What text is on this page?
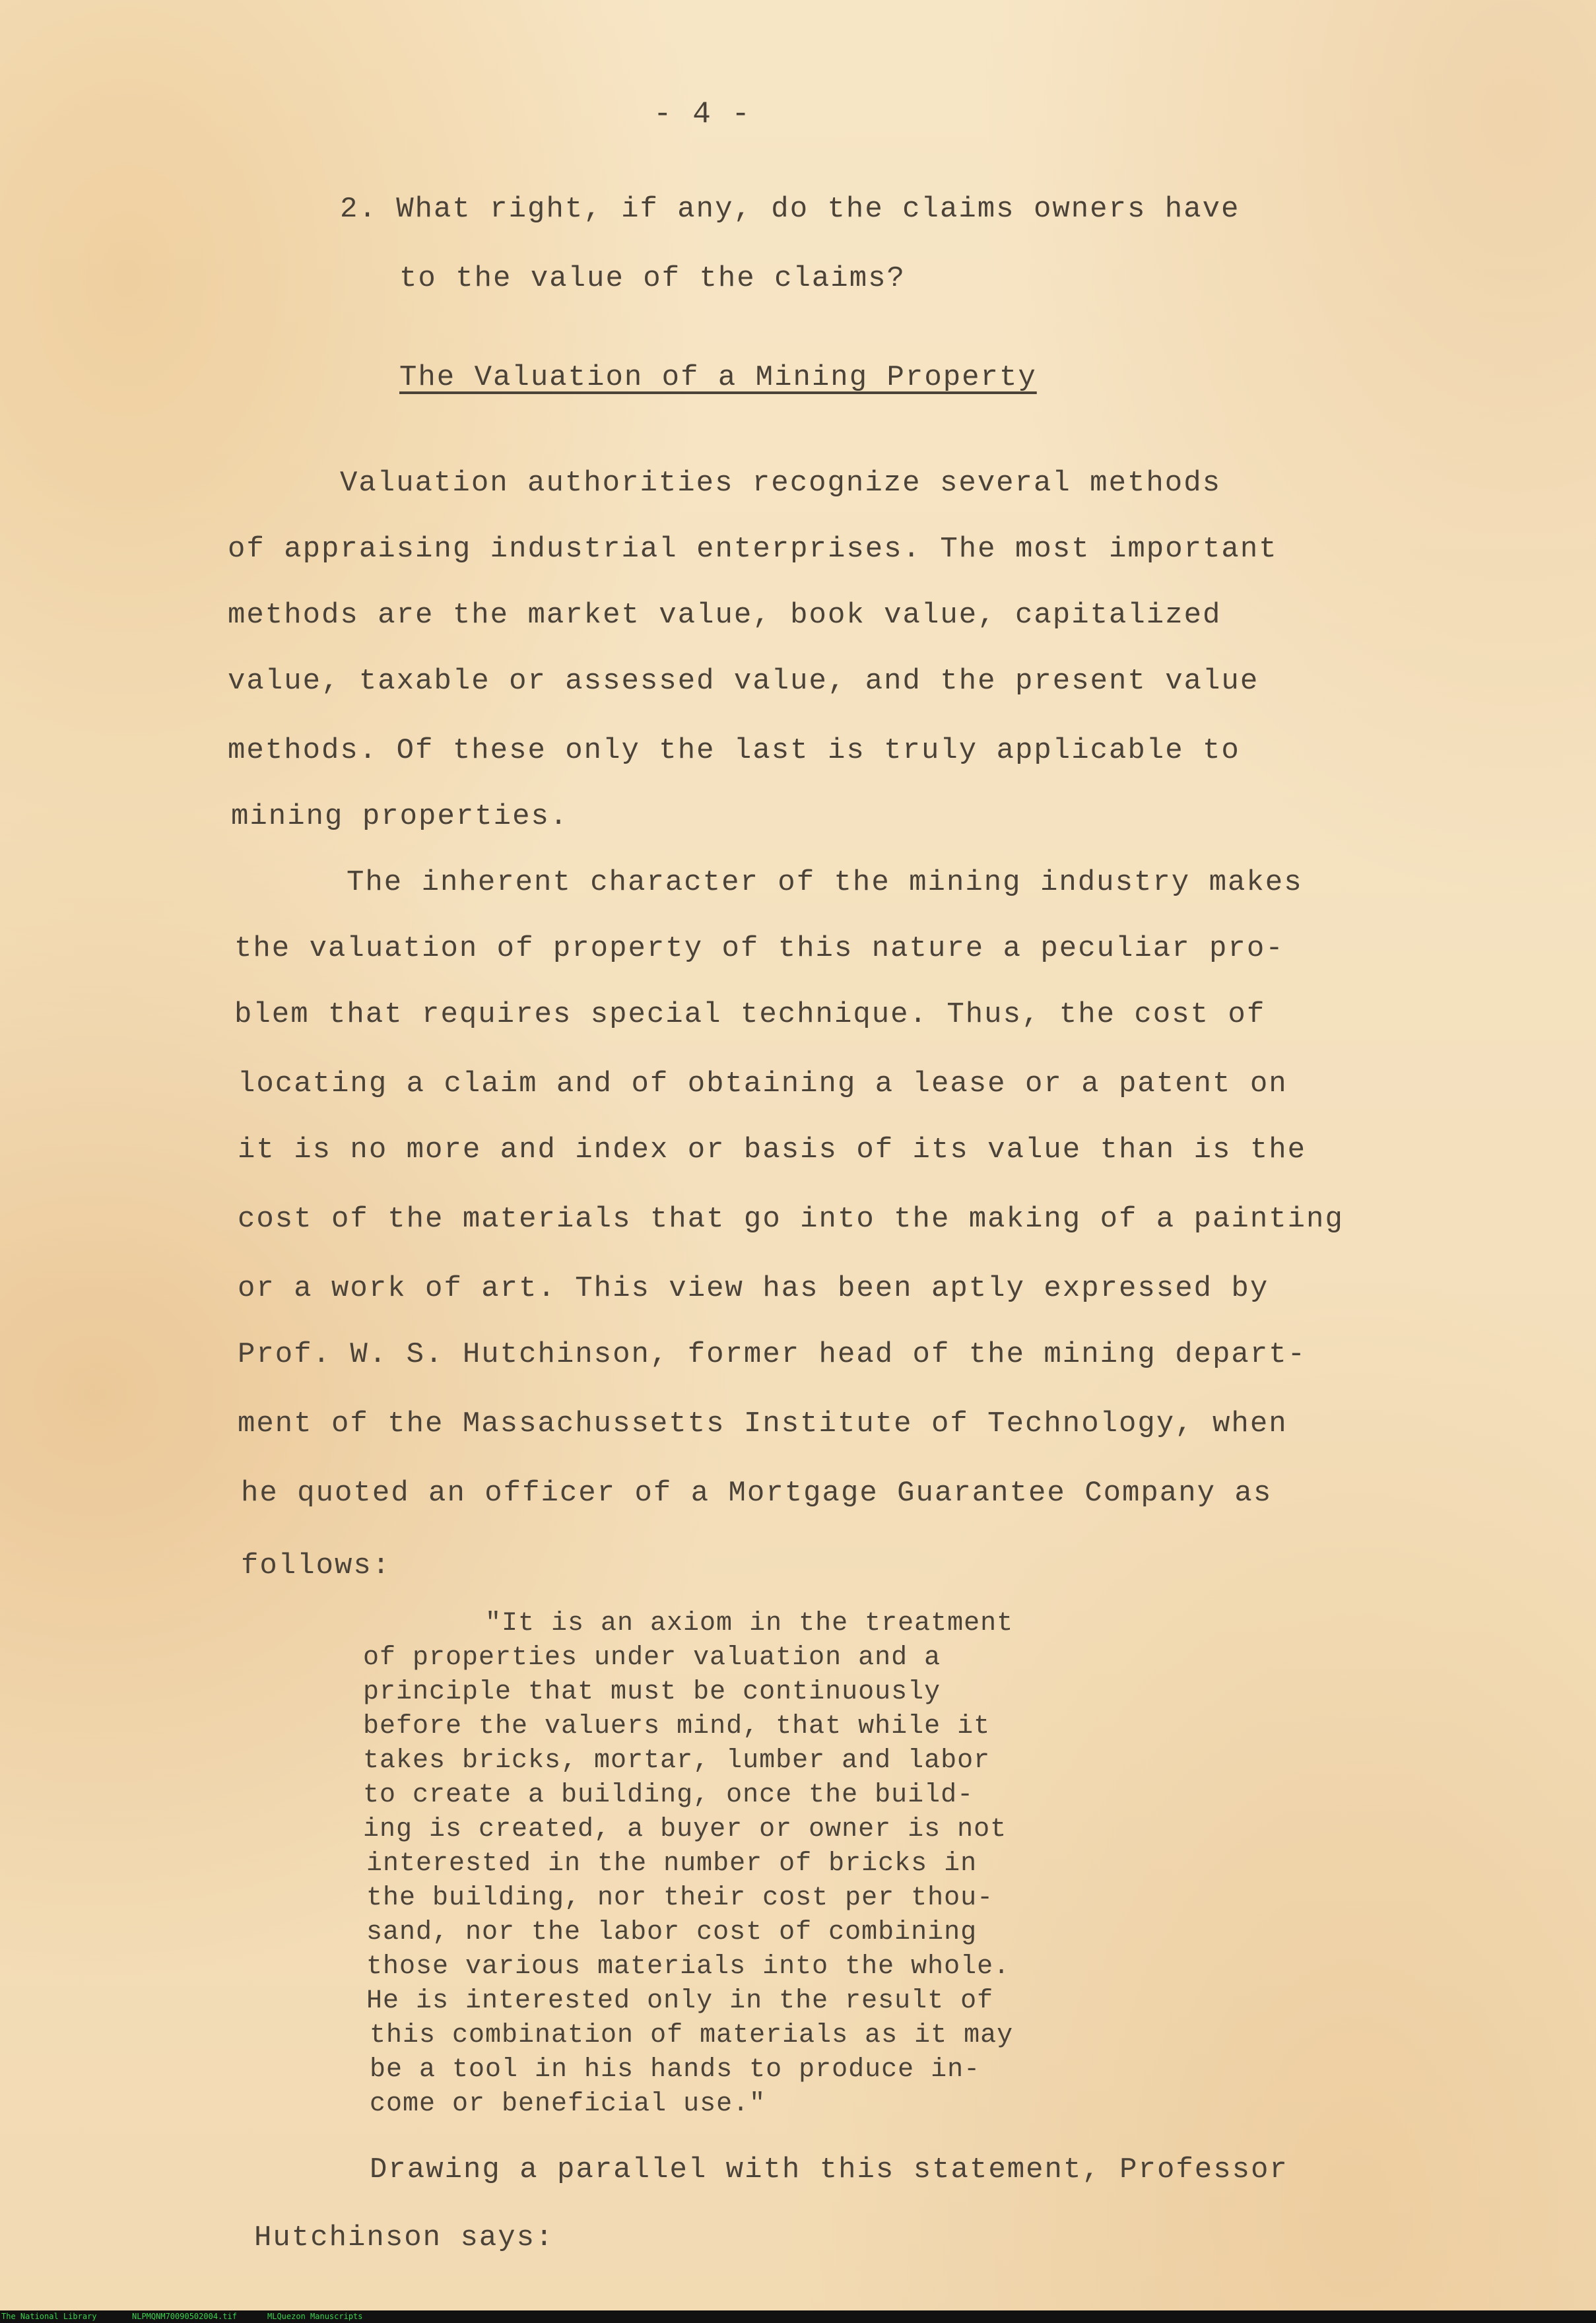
- 4 -
2. What right, if any, do the claims owners have
to the value of the claims?
The Valuation of a Mining Property
Valuation authorities recognize several methods
of appraising industrial enterprises. The most important
methods are the market value, book value, capitalized
value, taxable or assessed value, and the present value
methods. Of these only the last is truly applicable to
mining properties.
The inherent character of the mining industry makes
the valuation of property of this nature a peculiar pro-
blem that requires special technique. Thus, the cost of
locating a claim and of obtaining a lease or a patent on
it is no more and index or basis of its value than is the
cost of the materials that go into the making of a painting
or a work of art. This view has been aptly expressed by
Prof. W. S. Hutchinson, former head of the mining depart-
ment of the Massachussetts Institute of Technology, when
he quoted an officer of a Mortgage Guarantee Company as
follows:
"It is an axiom in the treatment
of properties under valuation and a
principle that must be continuously
before the valuers mind, that while it
takes bricks, mortar, lumber and labor
to create a building, once the build-
ing is created, a buyer or owner is not
interested in the number of bricks in
the building, nor their cost per thou-
sand, nor the labor cost of combining
those various materials into the whole.
He is interested only in the result of
this combination of materials as it may
be a tool in his hands to produce in-
come or beneficial use."
Drawing a parallel with this statement, Professor
Hutchinson says:
The National Library	NLPMQNM70090502004.tif	MLQuezon Manuscripts
